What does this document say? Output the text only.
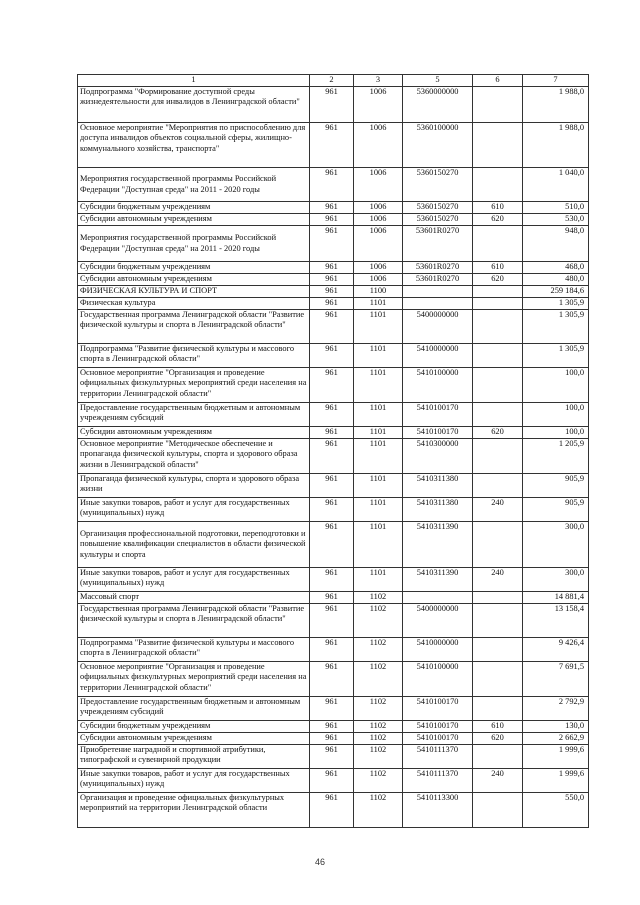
1	2	3	5	6	7
Подпрограмма "Формирование доступной среды жизнедеятельности для инвалидов в Ленинградской области"	961	1006	5360000000		1 988,0
Основное мероприятие "Мероприятия по приспособлению для доступа инвалидов объектов социальной сферы, жилищно-коммунального хозяйства, транспорта"	961	1006	5360100000		1 988,0
Мероприятия государственной программы Российской Федерации "Доступная среда" на 2011 - 2020 годы	961	1006	5360150270		1 040,0
Субсидии бюджетным учреждениям	961	1006	5360150270	610	510,0
Субсидии автономным учреждениям	961	1006	5360150270	620	530,0
Мероприятия государственной программы Российской Федерации "Доступная среда" на 2011 - 2020 годы	961	1006	53601R0270		948,0
Субсидии бюджетным учреждениям	961	1006	53601R0270	610	468,0
Субсидии автономным учреждениям	961	1006	53601R0270	620	480,0
ФИЗИЧЕСКАЯ КУЛЬТУРА И СПОРТ	961	1100			259 184,6
Физическая культура	961	1101			1 305,9
Государственная программа Ленинградской области "Развитие физической культуры и спорта в Ленинградской области"	961	1101	5400000000		1 305,9
Подпрограмма "Развитие физической культуры и массового спорта в Ленинградской области"	961	1101	5410000000		1 305,9
Основное мероприятие "Организация и проведение официальных физкультурных мероприятий среди населения на территории Ленинградской области"	961	1101	5410100000		100,0
Предоставление государственным бюджетным и автономным учреждениям субсидий	961	1101	5410100170		100,0
Субсидии автономным учреждениям	961	1101	5410100170	620	100,0
Основное мероприятие "Методическое обеспечение и пропаганда физической культуры, спорта и здорового образа жизни в Ленинградской области"	961	1101	5410300000		1 205,9
Пропаганда физической культуры, спорта и здорового образа жизни	961	1101	5410311380		905,9
Иные закупки товаров, работ и услуг для государственных (муниципальных) нужд	961	1101	5410311380	240	905,9
Организация профессиональной подготовки, переподготовки и повышение квалификации специалистов в области физической культуры и спорта	961	1101	5410311390		300,0
Иные закупки товаров, работ и услуг для государственных (муниципальных) нужд	961	1101	5410311390	240	300,0
Массовый спорт	961	1102			14 881,4
Государственная программа Ленинградской области "Развитие физической культуры и спорта в Ленинградской области"	961	1102	5400000000		13 158,4
Подпрограмма "Развитие физической культуры и массового спорта в Ленинградской области"	961	1102	5410000000		9 426,4
Основное мероприятие "Организация и проведение официальных физкультурных мероприятий среди населения на территории Ленинградской области"	961	1102	5410100000		7 691,5
Предоставление государственным бюджетным и автономным учреждениям субсидий	961	1102	5410100170		2 792,9
Субсидии бюджетным учреждениям	961	1102	5410100170	610	130,0
Субсидии автономным учреждениям	961	1102	5410100170	620	2 662,9
Приобретение наградной и спортивной атрибутики, типографской и сувенирной продукции	961	1102	5410111370		1 999,6
Иные закупки товаров, работ и услуг для государственных (муниципальных) нужд	961	1102	5410111370	240	1 999,6
Организация и проведение официальных физкультурных мероприятий на территории Ленинградской области	961	1102	5410113300		550,0
46
